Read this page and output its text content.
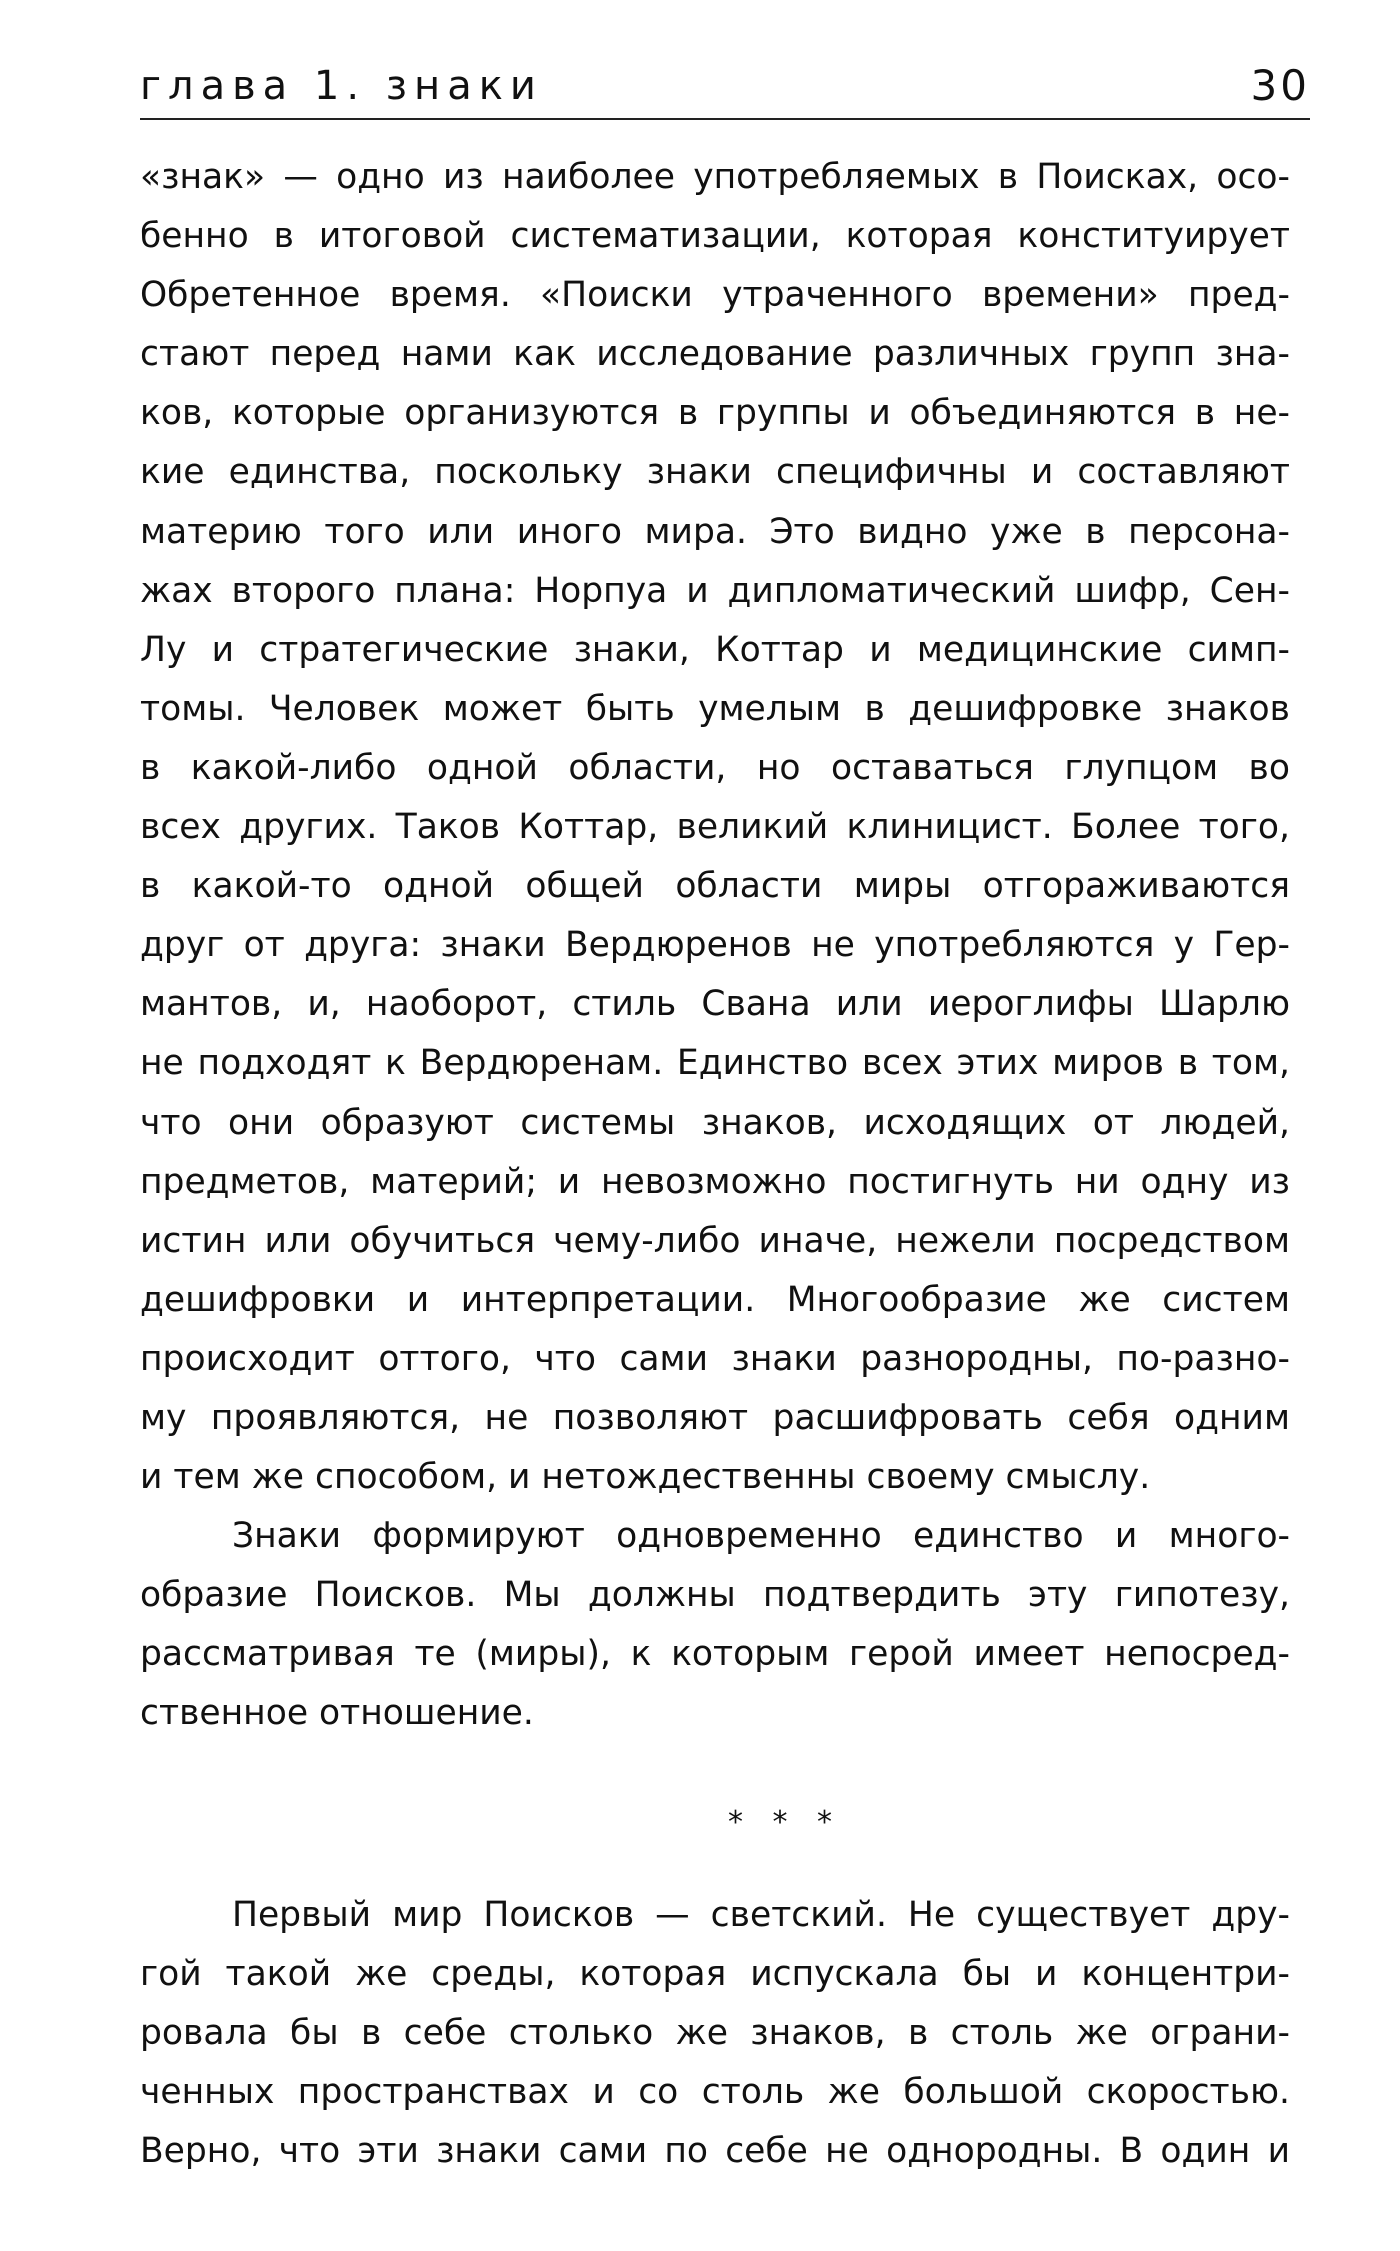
глава 1. знаки	30
«знак» — одно из наиболее употребляемых в Поисках, осо-
бенно в итоговой систематизации, которая конституирует
Обретенное время. «Поиски утраченного времени» пред-
стают перед нами как исследование различных групп зна-
ков, которые организуются в группы и объединяются в не-
кие единства, поскольку знаки специфичны и составляют
материю того или иного мира. Это видно уже в персона-
жах второго плана: Норпуа и дипломатический шифр, Сен-
Лу и стратегические знаки, Коттар и медицинские симп-
томы. Человек может быть умелым в дешифровке знаков
в какой-либо одной области, но оставаться глупцом во
всех других. Таков Коттар, великий клиницист. Более того,
в какой-то одной общей области миры отгораживаются
друг от друга: знаки Вердюренов не употребляются у Гер-
мантов, и, наоборот, стиль Свана или иероглифы Шарлю
не подходят к Вердюренам. Единство всех этих миров в том,
что они образуют системы знаков, исходящих от людей,
предметов, материй; и невозможно постигнуть ни одну из
истин или обучиться чему-либо иначе, нежели посредством
дешифровки и интерпретации. Многообразие же систем
происходит оттого, что сами знаки разнородны, по-разно-
му проявляются, не позволяют расшифровать себя одним
и тем же способом, и нетождественны своему смыслу.
Знаки формируют одновременно единство и много-
образие Поисков. Мы должны подтвердить эту гипотезу,
рассматривая те (миры), к которым герой имеет непосред-
ственное отношение.
* * *
Первый мир Поисков — светский. Не существует дру-
гой такой же среды, которая испускала бы и концентри-
ровала бы в себе столько же знаков, в столь же ограни-
ченных пространствах и со столь же большой скоростью.
Верно, что эти знаки сами по себе не однородны. В один и
